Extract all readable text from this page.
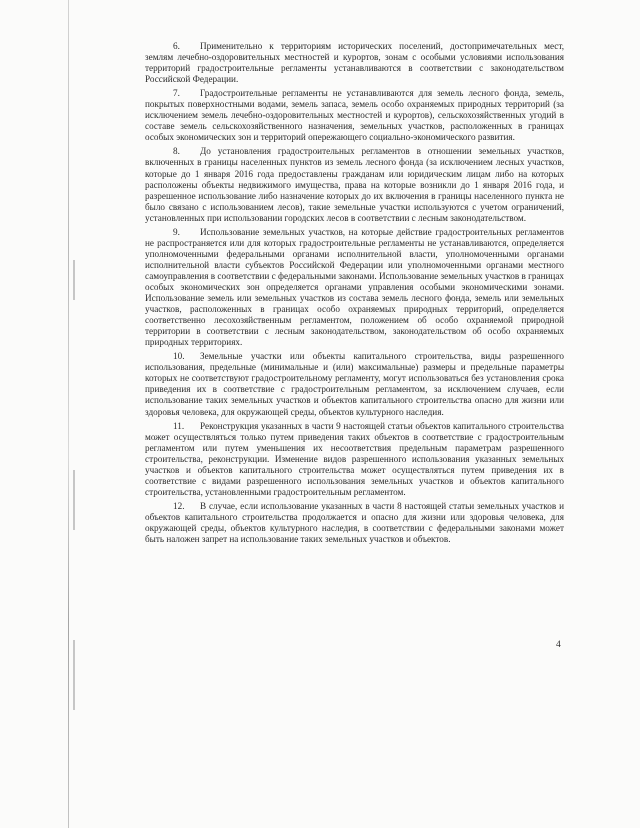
6. Применительно к территориям исторических поселений, достопримечательных мест, землям лечебно-оздоровительных местностей и курортов, зонам с особыми условиями использования территорий градостроительные регламенты устанавливаются в соответствии с законодательством Российской Федерации.

7. Градостроительные регламенты не устанавливаются для земель лесного фонда, земель, покрытых поверхностными водами, земель запаса, земель особо охраняемых природных территорий (за исключением земель лечебно-оздоровительных местностей и курортов), сельскохозяйственных угодий в составе земель сельскохозяйственного назначения, земельных участков, расположенных в границах особых экономических зон и территорий опережающего социально-экономического развития.

8. До установления градостроительных регламентов в отношении земельных участков, включенных в границы населенных пунктов из земель лесного фонда (за исключением лесных участков, которые до 1 января 2016 года предоставлены гражданам или юридическим лицам либо на которых расположены объекты недвижимого имущества, права на которые возникли до 1 января 2016 года, и разрешенное использование либо назначение которых до их включения в границы населенного пункта не было связано с использованием лесов), такие земельные участки используются с учетом ограничений, установленных при использовании городских лесов в соответствии с лесным законодательством.

9. Использование земельных участков, на которые действие градостроительных регламентов не распространяется или для которых градостроительные регламенты не устанавливаются, определяется уполномоченными федеральными органами исполнительной власти, уполномоченными органами исполнительной власти субъектов Российской Федерации или уполномоченными органами местного самоуправления в соответствии с федеральными законами. Использование земельных участков в границах особых экономических зон определяется органами управления особыми экономическими зонами. Использование земель или земельных участков из состава земель лесного фонда, земель или земельных участков, расположенных в границах особо охраняемых природных территорий, определяется соответственно лесохозяйственным регламентом, положением об особо охраняемой природной территории в соответствии с лесным законодательством, законодательством об особо охраняемых природных территориях.

10. Земельные участки или объекты капитального строительства, виды разрешенного использования, предельные (минимальные и (или) максимальные) размеры и предельные параметры которых не соответствуют градостроительному регламенту, могут использоваться без установления срока приведения их в соответствие с градостроительным регламентом, за исключением случаев, если использование таких земельных участков и объектов капитального строительства опасно для жизни или здоровья человека, для окружающей среды, объектов культурного наследия.

11. Реконструкция указанных в части 9 настоящей статьи объектов капитального строительства может осуществляться только путем приведения таких объектов в соответствие с градостроительным регламентом или путем уменьшения их несоответствия предельным параметрам разрешенного строительства, реконструкции. Изменение видов разрешенного использования указанных земельных участков и объектов капитального строительства может осуществляться путем приведения их в соответствие с видами разрешенного использования земельных участков и объектов капитального строительства, установленными градостроительным регламентом.

12. В случае, если использование указанных в части 8 настоящей статьи земельных участков и объектов капитального строительства продолжается и опасно для жизни или здоровья человека, для окружающей среды, объектов культурного наследия, в соответствии с федеральными законами может быть наложен запрет на использование таких земельных участков и объектов.

4
